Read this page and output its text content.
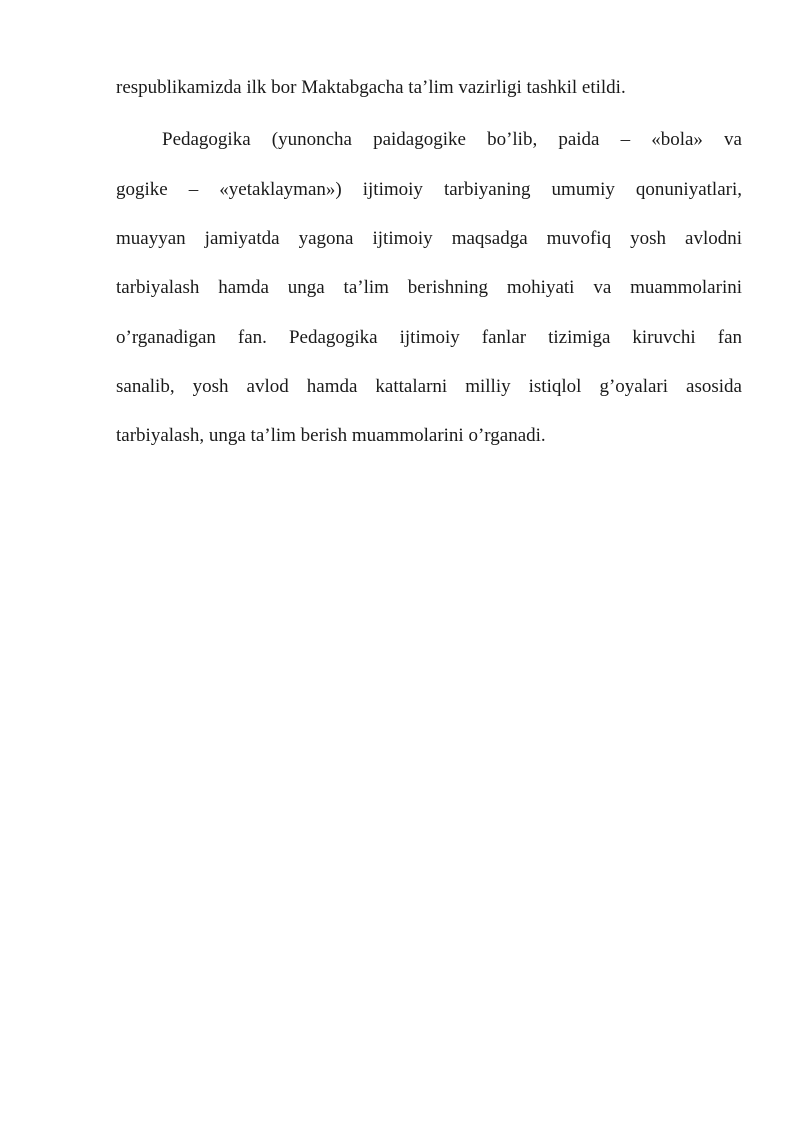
respublikamizda ilk bor Maktabgacha ta’lim vazirligi tashkil etildi.
Pedagogika (yunoncha paidagogike bo’lib, paida – «bola» va
gogike – «yetaklayman») ijtimoiy tarbiyaning umumiy qonuniyatlari,
muayyan jamiyatda yagona ijtimoiy maqsadga muvofiq yosh avlodni
tarbiyalash hamda unga ta’lim berishning mohiyati va muammolarini
o’rganadigan fan. Pedagogika ijtimoiy fanlar tizimiga kiruvchi fan
sanalib, yosh avlod hamda kattalarni milliy istiqlol g’oyalari asosida
tarbiyalash, unga ta’lim berish muammolarini o’rganadi.
